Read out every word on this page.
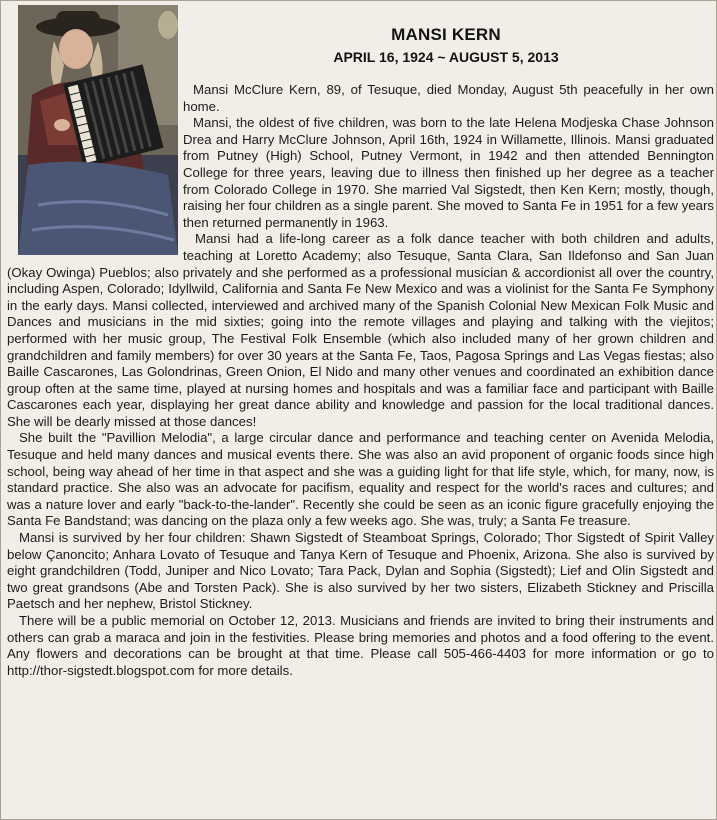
MANSI KERN
APRIL 16, 1924 ~ AUGUST 5, 2013

Mansi McClure Kern, 89, of Tesuque, died Monday, August 5th peacefully in her own home.

Mansi, the oldest of five children, was born to the late Helena Modjeska Chase Johnson Drea and Harry McClure Johnson, April 16th, 1924 in Willamette, Illinois. Mansi graduated from Putney (High) School, Putney Vermont, in 1942 and then attended Bennington College for three years, leaving due to illness then finished up her degree as a teacher from Colorado College in 1970. She married Val Sigstedt, then Ken Kern; mostly, though, raising her four children as a single parent. She moved to Santa Fe in 1951 for a few years then returned permanently in 1963.

Mansi had a life-long career as a folk dance teacher with both children and adults, teaching at Loretto Academy; also Tesuque, Santa Clara, San Ildefonso and San Juan (Okay Owinga) Pueblos; also privately and she performed as a professional musician & accordionist all over the country, including Aspen, Colorado; Idyllwild, California and Santa Fe New Mexico and was a violinist for the Santa Fe Symphony in the early days. Mansi collected, interviewed and archived many of the Spanish Colonial New Mexican Folk Music and Dances and musicians in the mid sixties; going into the remote villages and playing and talking with the viejitos; performed with her music group, The Festival Folk Ensemble (which also included many of her grown children and grandchildren and family members) for over 30 years at the Santa Fe, Taos, Pagosa Springs and Las Vegas fiestas; also Baille Cascarones, Las Golondrinas, Green Onion, El Nido and many other venues and coordinated an exhibition dance group often at the same time, played at nursing homes and hospitals and was a familiar face and participant with Baille Cascarones each year, displaying her great dance ability and knowledge and passion for the local traditional dances. She will be dearly missed at those dances!

She built the "Pavillion Melodia", a large circular dance and performance and teaching center on Avenida Melodia, Tesuque and held many dances and musical events there. She was also an avid proponent of organic foods since high school, being way ahead of her time in that aspect and she was a guiding light for that life style, which, for many, now, is standard practice. She also was an advocate for pacifism, equality and respect for the world's races and cultures; and was a nature lover and early "back-to-the-lander". Recently she could be seen as an iconic figure gracefully enjoying the Santa Fe Bandstand; was dancing on the plaza only a few weeks ago. She was, truly; a Santa Fe treasure.

Mansi is survived by her four children: Shawn Sigstedt of Steamboat Springs, Colorado; Thor Sigstedt of Spirit Valley below Çanoncito; Anhara Lovato of Tesuque and Tanya Kern of Tesuque and Phoenix, Arizona. She also is survived by eight grandchildren (Todd, Juniper and Nico Lovato; Tara Pack, Dylan and Sophia (Sigstedt); Lief and Olin Sigstedt and two great grandsons (Abe and Torsten Pack). She is also survived by her two sisters, Elizabeth Stickney and Priscilla Paetsch and her nephew, Bristol Stickney.

There will be a public memorial on October 12, 2013. Musicians and friends are invited to bring their instruments and others can grab a maraca and join in the festivities. Please bring memories and photos and a food offering to the event. Any flowers and decorations can be brought at that time. Please call 505-466-4403 for more information or go to http://thor-sigstedt.blogspot.com for more details.
